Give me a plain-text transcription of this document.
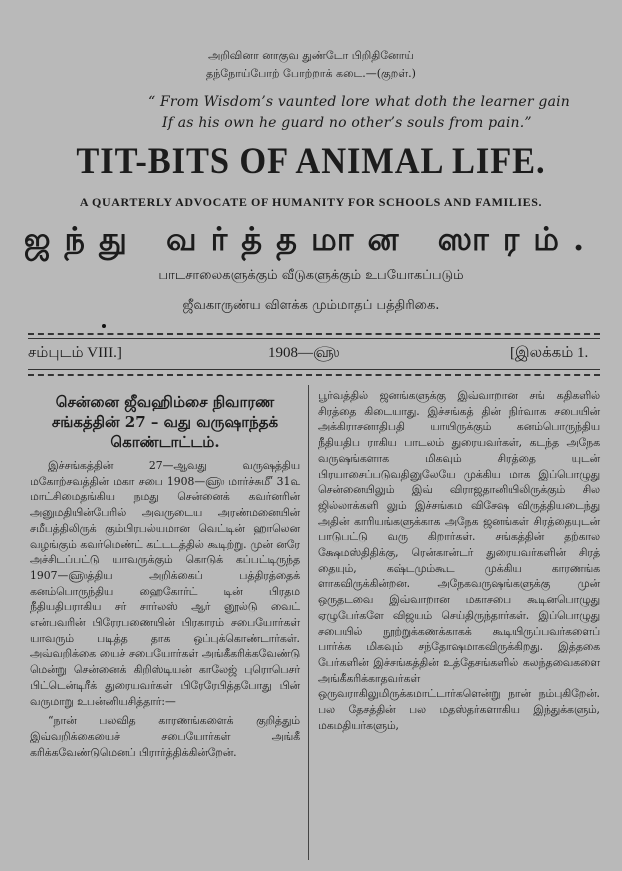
அறிவினா னாகுவ துண்டோ பிறிதினோய்
தந்நோய்போற் போற்றாக் கடை.—(குறள்.)
“ From Wisdom’s vaunted lore what doth the learner gain
If as his own he guard no other’s souls from pain.”
TIT-BITS OF ANIMAL LIFE.
A QUARTERLY ADVOCATE OF HUMANITY FOR SCHOOLS AND FAMILIES.
ஜந்து வர்த்தமான ஸாரம்.
பாடசாலைகளுக்கும் வீடுகளுக்கும் உபயோகப்படும்
ஜீவகாருண்ய விளக்க மும்மாதப் பத்திரிகை.
சம்புடம் VIII.]	1908—௵	[இலக்கம் 1.
சென்னை ஜீவஹிம்சை நிவாரண
சங்கத்தின் 27 – வது வருஷாந்தக்
கொண்டாட்டம்.

இச்சங்கத்தின் 27—ஆவது வருஷத்திய மகோற்சவத்தின் மகா சபை 1908—௵ மார்ச்சு௴ 31௳ மாட்சிமைதங்கிய நமது சென்னைக் கவர்னரின் அனுமதியின்பேரில் அவருடைய அரண்மனையின் சமீபத்திலிருக் கும்பிரபல்யமான வெட்டின் ஹாலென வழங்கும் கவர்மெண்ட் கட்டடத்தில் கூடிற்று. முன் னரே அச்சிடப்பட்டு யாவருக்கும் கொடுக் கப்பட்டிருந்த 1907—௵த்திய அறிக்கைப் பத்திரத்தைக் கனம்பொருந்திய ஹைகோர்ட் டின் பிரதம நீதியதிபராகிய சர் சார்லஸ் ஆர் னூல்டு வைட் என்பவரின் பிரேரபணையின் பிரகாரம் சபையோர்கள் யாவரும் படித்த தாக ஒப்புக்கொண்டார்கள். அவ்வறிக்கை யைச் சபையோர்கள் அங்கீகரிக்கவேண்டு மென்று சென்னைக் கிறிஸ்டியன் காலேஜ் புரொபெசர் பிட்டென்டிரீக் துரையவர்கள் பிரேரேபித்தபோது பின் வருமாறு உபன்னியசித்தார்:—

“நான் பலவித காரணங்களைக் குறித்தும் இவ்வறிக்கையைச் சபையோர்கள் அங்கீ கரிக்கவேண்டுமெனப் பிரார்த்திக்கின்றேன்.

பூர்வத்தில் ஜனங்களுக்கு இவ்வாறான சங் கதிகளில் சிரத்தை கிடையாது. இச்சங்கத் தின் நிர்வாக சபையின் அக்கிராசனாதிபதி யாயிருக்கும் கனம்பொருந்திய நீதியதிப ராகிய பாடலம் துரையவர்கள், கடந்த அநேக வருஷங்களாக மிகவும் சிரத்தை யுடன் பிரயாசைப்படுவதினுலேயே முக்கிய மாக இப்பொழுது சென்னையிலும் இவ் விராஜதானியிலிருக்கும் சில ஜில்லாக்களி லும் இச்சங்கம விசேஷ விருத்தியடைந்து அதின் காரியங்களுக்காக அநேக ஜனங்கள் சிரத்தையுடன் பாடுபட்டு வரு கிறார்கள். சங்கத்தின் தற்கால க்ஷேமஸ்திதிக்கு, ரென்கான்டர் துரையவர்களின் சிரத் தையும், கஷ்டமும்கூட முக்கிய காரணங்க ளாகவிருக்கின்றன. அநேகவருஷங்களுக்கு முன் ஒருதடவை இவ்வாறான மகாசபை கூடினபொழுது ஏழுபேர்களே விஜயம் செய்திருந்தார்கள். இப்பொழுது சபையில் நூற்றுக்கணக்காகக் கூடியிருப்பவர்களைப் பார்க்க மிகவும் சந்தோஷமாகவிருக்கிறது. இத்தகை பேர்களின் இச்சங்கத்தின் உத்தேசங்களில் கலந்தவைகளை அங்கீகரிக்காதவர்கள் ஒருவராகிலுமிருக்கமாட்டார்களென்று நான் நம்புகிறேன். பல தேசத்தின் பல மதஸ்தர்களாகிய இந்துக்களும், மகமதியர்களும்,
